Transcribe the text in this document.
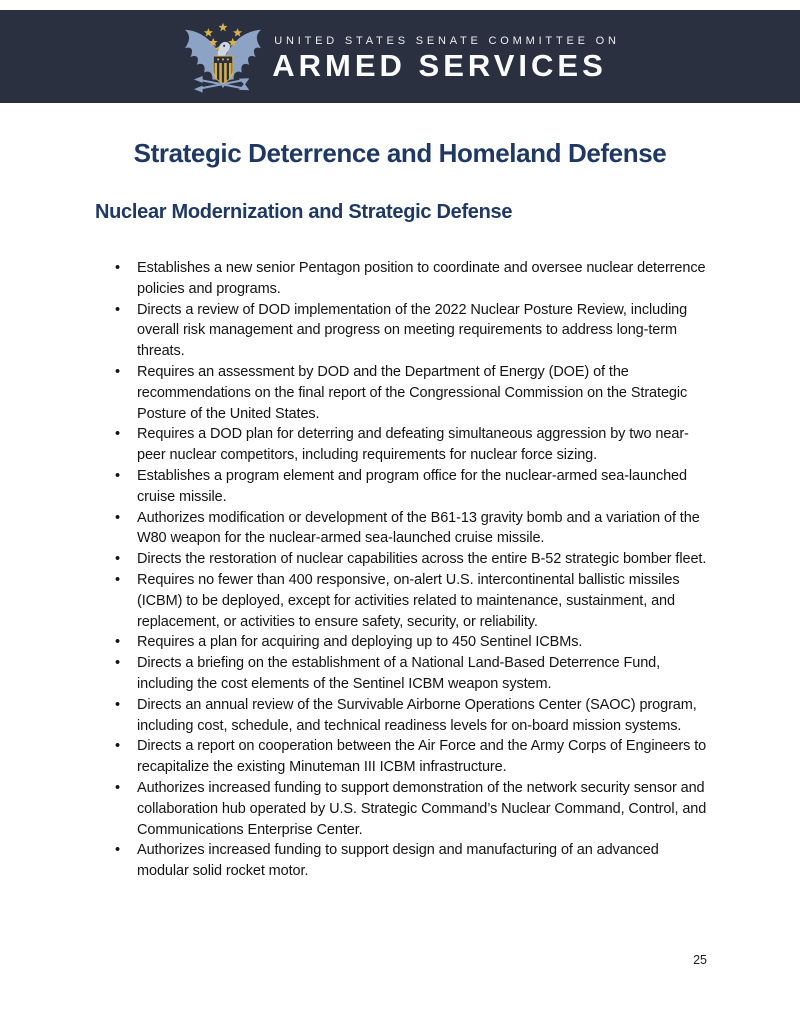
UNITED STATES SENATE COMMITTEE ON
ARMED SERVICES
Strategic Deterrence and Homeland Defense
Nuclear Modernization and Strategic Defense
•	Establishes a new senior Pentagon position to coordinate and oversee nuclear deterrence policies and programs.
•	Directs a review of DOD implementation of the 2022 Nuclear Posture Review, including overall risk management and progress on meeting requirements to address long-term threats.
•	Requires an assessment by DOD and the Department of Energy (DOE) of the recommendations on the final report of the Congressional Commission on the Strategic Posture of the United States.
•	Requires a DOD plan for deterring and defeating simultaneous aggression by two near-peer nuclear competitors, including requirements for nuclear force sizing.
•	Establishes a program element and program office for the nuclear-armed sea-launched cruise missile.
•	Authorizes modification or development of the B61-13 gravity bomb and a variation of the W80 weapon for the nuclear-armed sea-launched cruise missile.
•	Directs the restoration of nuclear capabilities across the entire B-52 strategic bomber fleet.
•	Requires no fewer than 400 responsive, on-alert U.S. intercontinental ballistic missiles (ICBM) to be deployed, except for activities related to maintenance, sustainment, and replacement, or activities to ensure safety, security, or reliability.
•	Requires a plan for acquiring and deploying up to 450 Sentinel ICBMs.
•	Directs a briefing on the establishment of a National Land-Based Deterrence Fund, including the cost elements of the Sentinel ICBM weapon system.
•	Directs an annual review of the Survivable Airborne Operations Center (SAOC) program, including cost, schedule, and technical readiness levels for on-board mission systems.
•	Directs a report on cooperation between the Air Force and the Army Corps of Engineers to recapitalize the existing Minuteman III ICBM infrastructure.
•	Authorizes increased funding to support demonstration of the network security sensor and collaboration hub operated by U.S. Strategic Command’s Nuclear Command, Control, and Communications Enterprise Center.
•	Authorizes increased funding to support design and manufacturing of an advanced modular solid rocket motor.
25
